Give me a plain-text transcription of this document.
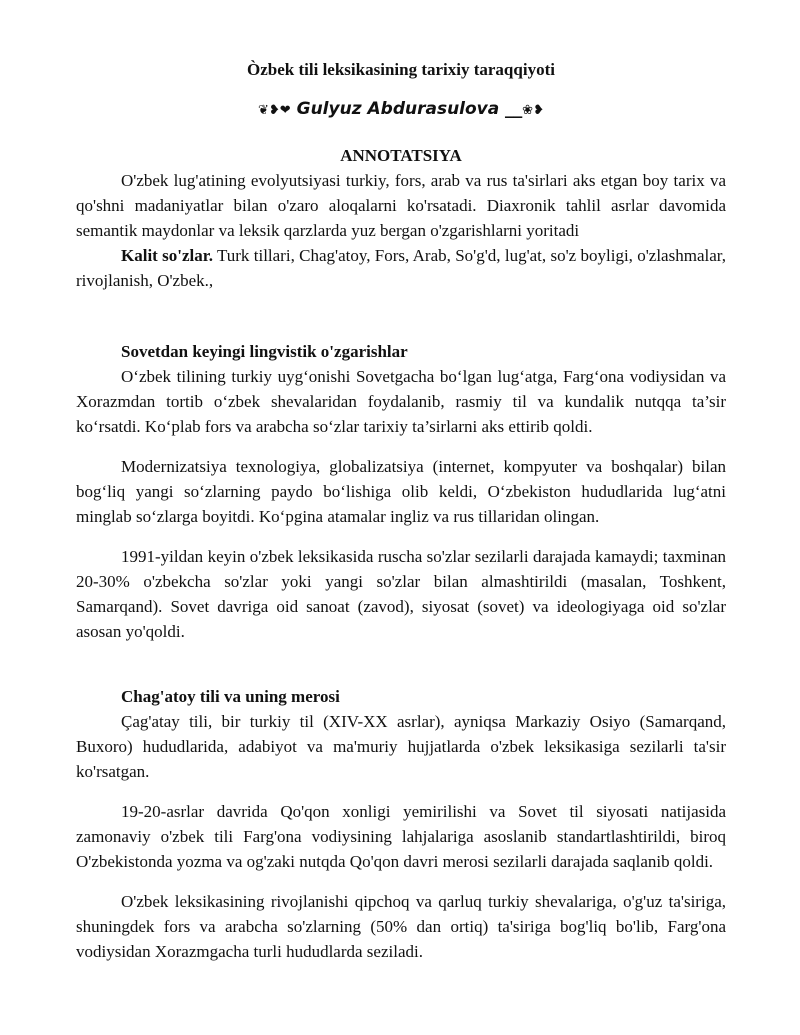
Òzbek tili leksikasining tarixiy taraqqiyoti
❦❥❤ Gulyuz Abdurasulova __❀❥
ANNOTATSIYA

O'zbek lug'atining evolyutsiyasi turkiy, fors, arab va rus ta'sirlari aks etgan boy tarix va qo'shni madaniyatlar bilan o'zaro aloqalarni ko'rsatadi. Diaxronik tahlil asrlar davomida semantik maydonlar va leksik qarzlarda yuz bergan o'zgarishlarni yoritadi

Kalit so'zlar. Turk tillari, Chag'atoy, Fors, Arab, So'g'd, lug'at, so'z boyligi, o'zlashmalar, rivojlanish, O'zbek.,

Sovetdan keyingi lingvistik o'zgarishlar

O‘zbek tilining turkiy uyg‘onishi Sovetgacha bo‘lgan lug‘atga, Farg‘ona vodiysidan va Xorazmdan tortib o‘zbek shevalaridan foydalanib, rasmiy til va kundalik nutqqa ta’sir ko‘rsatdi. Ko‘plab fors va arabcha so‘zlar tarixiy ta’sirlarni aks ettirib qoldi.

Modernizatsiya texnologiya, globalizatsiya (internet, kompyuter va boshqalar) bilan bog‘liq yangi so‘zlarning paydo bo‘lishiga olib keldi, O‘zbekiston hududlarida lug‘atni minglab so‘zlarga boyitdi. Ko‘pgina atamalar ingliz va rus tillaridan olingan.

1991-yildan keyin o'zbek leksikasida ruscha so'zlar sezilarli darajada kamaydi; taxminan 20-30% o'zbekcha so'zlar yoki yangi so'zlar bilan almashtirildi (masalan, Toshkent, Samarqand). Sovet davriga oid sanoat (zavod), siyosat (sovet) va ideologiyaga oid so'zlar asosan yo'qoldi.

Chag'atoy tili va uning merosi

Çag'atay tili, bir turkiy til (XIV-XX asrlar), ayniqsa Markaziy Osiyo (Samarqand, Buxoro) hududlarida, adabiyot va ma'muriy hujjatlarda o'zbek leksikasiga sezilarli ta'sir ko'rsatgan.

19-20-asrlar davrida Qo'qon xonligi yemirilishi va Sovet til siyosati natijasida zamonaviy o'zbek tili Farg'ona vodiysining lahjalariga asoslanib standartlashtirildi, biroq O'zbekistonda yozma va og'zaki nutqda Qo'qon davri merosi sezilarli darajada saqlanib qoldi.

O'zbek leksikasining rivojlanishi qipchoq va qarluq turkiy shevalariga, o'g'uz ta'siriga, shuningdek fors va arabcha so'zlarning (50% dan ortiq) ta'siriga bog'liq bo'lib, Farg'ona vodiysidan Xorazmgacha turli hududlarda seziladi.
